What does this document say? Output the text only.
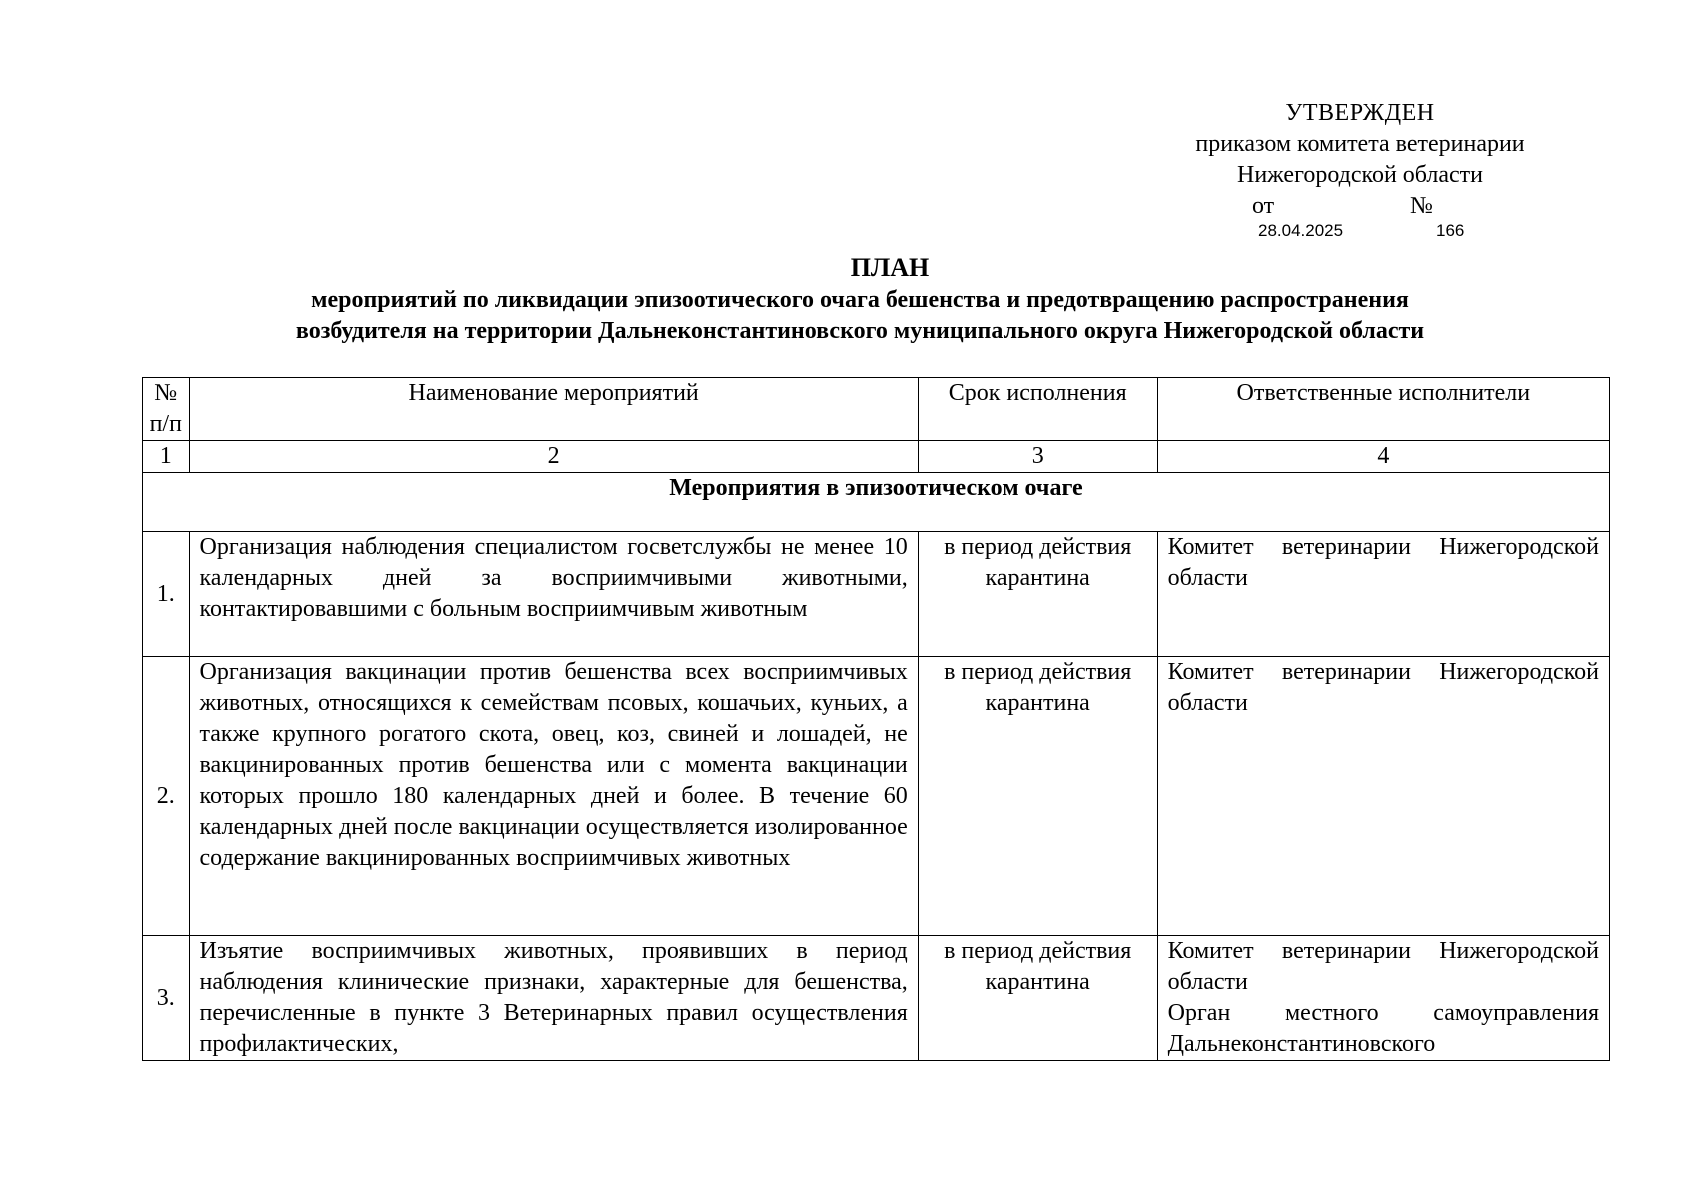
УТВЕРЖДЕН
приказом комитета ветеринарии
Нижегородской области
от	№
28.04.2025	166
ПЛАН
мероприятий по ликвидации эпизоотического очага бешенства и предотвращению распространения
возбудителя на территории Дальнеконстантиновского муниципального округа Нижегородской области
№ п/п	Наименование мероприятий	Срок исполнения	Ответственные исполнители
1	2	3	4
Мероприятия в эпизоотическом очаге			
1.	Организация наблюдения специалистом госветслужбы не менее 10 календарных дней за восприимчивыми животными, контактировавшими с больным восприимчивым животным	в период действия карантина	Комитет ветеринарии Нижегородской области

2.	Организация вакцинации против бешенства всех восприимчивых животных, относящихся к семействам псовых, кошачьих, куньих, а также крупного рогатого скота, овец, коз, свиней и лошадей, не вакцинированных против бешенства или с момента вакцинации которых прошло 180 календарных дней и более. В течение 60 календарных дней после вакцинации осуществляется изолированное содержание вакцинированных восприимчивых животных	в период действия карантина	Комитет ветеринарии Нижегородской области

3.	Изъятие восприимчивых животных, проявивших в период наблюдения клинические признаки, характерные для бешенства, перечисленные в пункте 3 Ветеринарных правил осуществления профилактических,	в период действия карантина	Комитет ветеринарии Нижегородской области
Орган местного самоуправления Дальнеконстантиновского
